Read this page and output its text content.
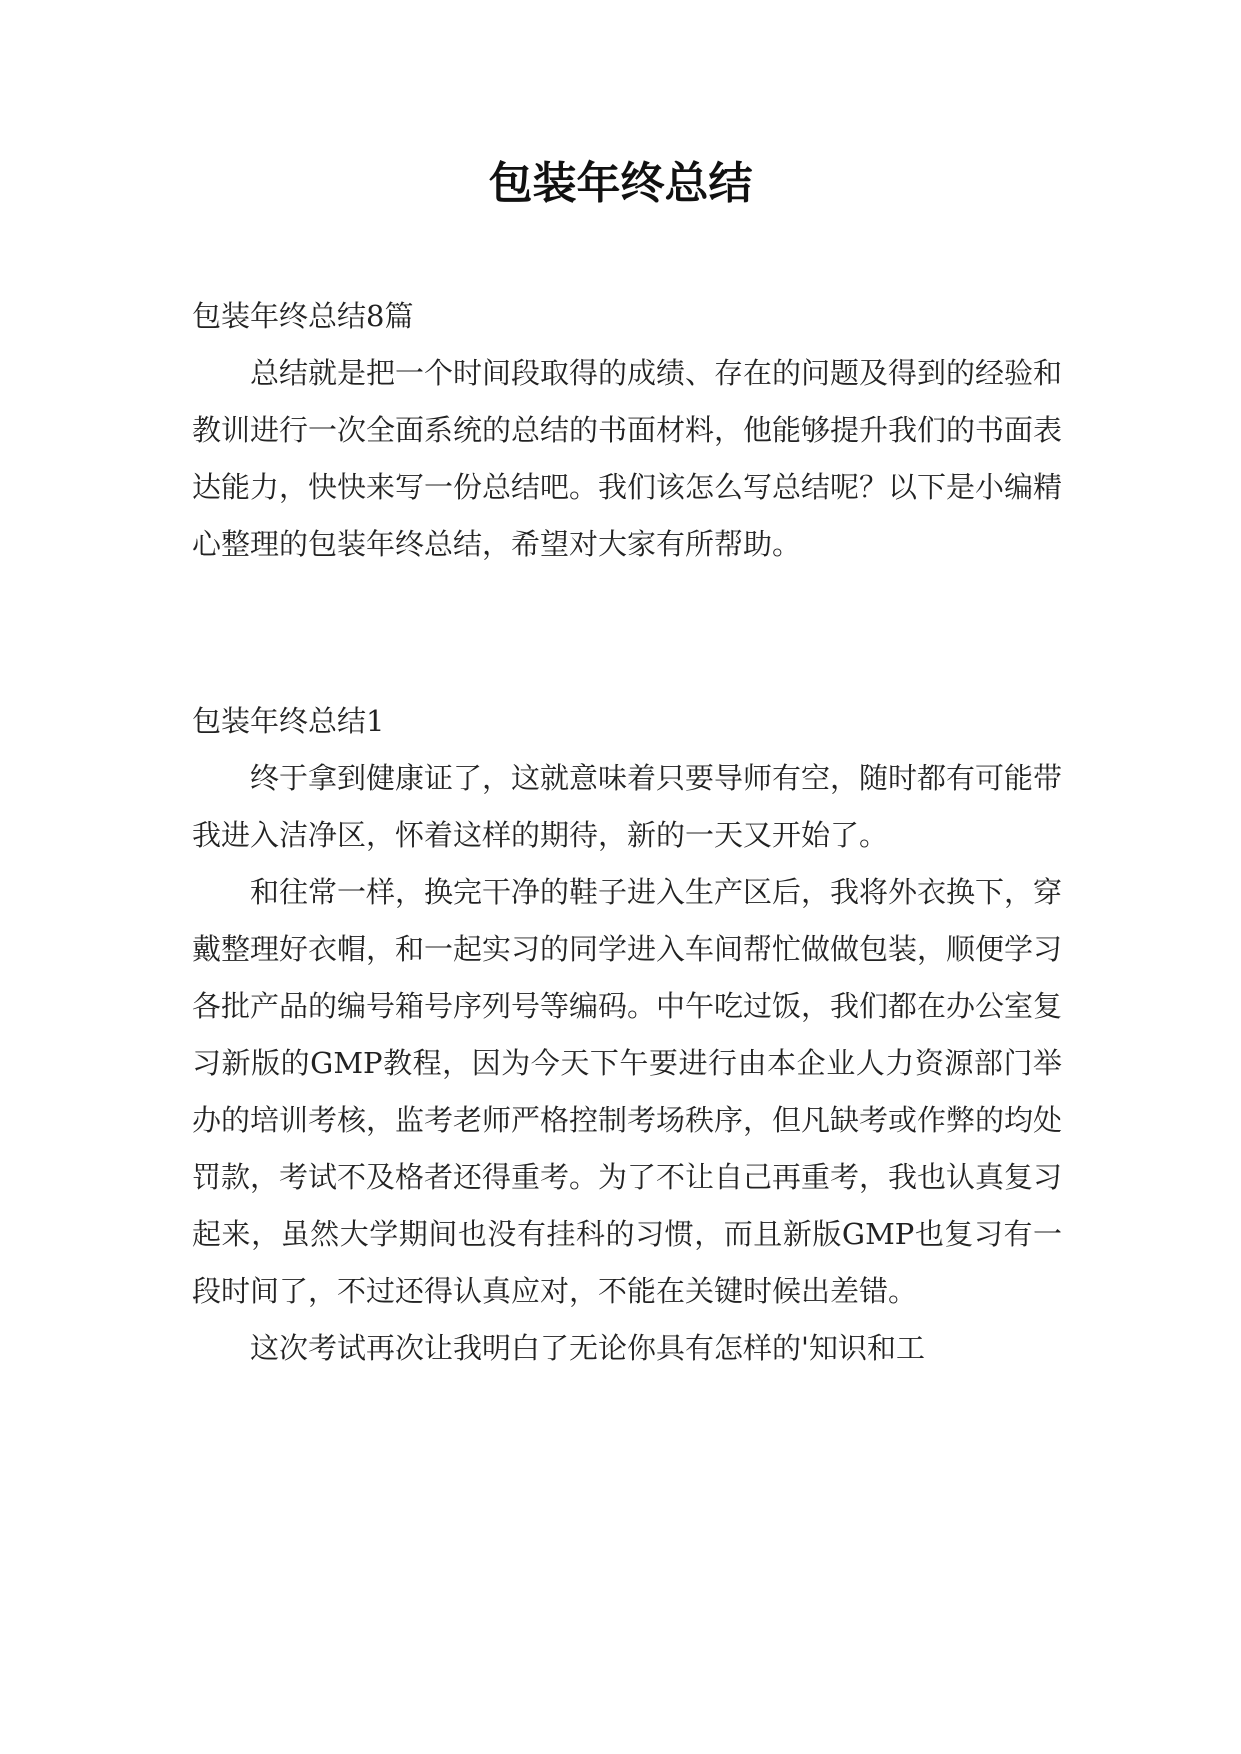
包装年终总结

包装年终总结8篇

总结就是把一个时间段取得的成绩、存在的问题及得到的经验和教训进行一次全面系统的总结的书面材料，他能够提升我们的书面表达能力，快快来写一份总结吧。我们该怎么写总结呢？以下是小编精心整理的包装年终总结，希望对大家有所帮助。

包装年终总结1

终于拿到健康证了，这就意味着只要导师有空，随时都有可能带我进入洁净区，怀着这样的期待，新的一天又开始了。

和往常一样，换完干净的鞋子进入生产区后，我将外衣换下，穿戴整理好衣帽，和一起实习的同学进入车间帮忙做做包装，顺便学习各批产品的编号箱号序列号等编码。中午吃过饭，我们都在办公室复习新版的GMP教程，因为今天下午要进行由本企业人力资源部门举办的培训考核，监考老师严格控制考场秩序，但凡缺考或作弊的均处罚款，考试不及格者还得重考。为了不让自己再重考，我也认真复习起来，虽然大学期间也没有挂科的习惯，而且新版GMP也复习有一段时间了，不过还得认真应对，不能在关键时候出差错。

这次考试再次让我明白了无论你具有怎样的'知识和工
